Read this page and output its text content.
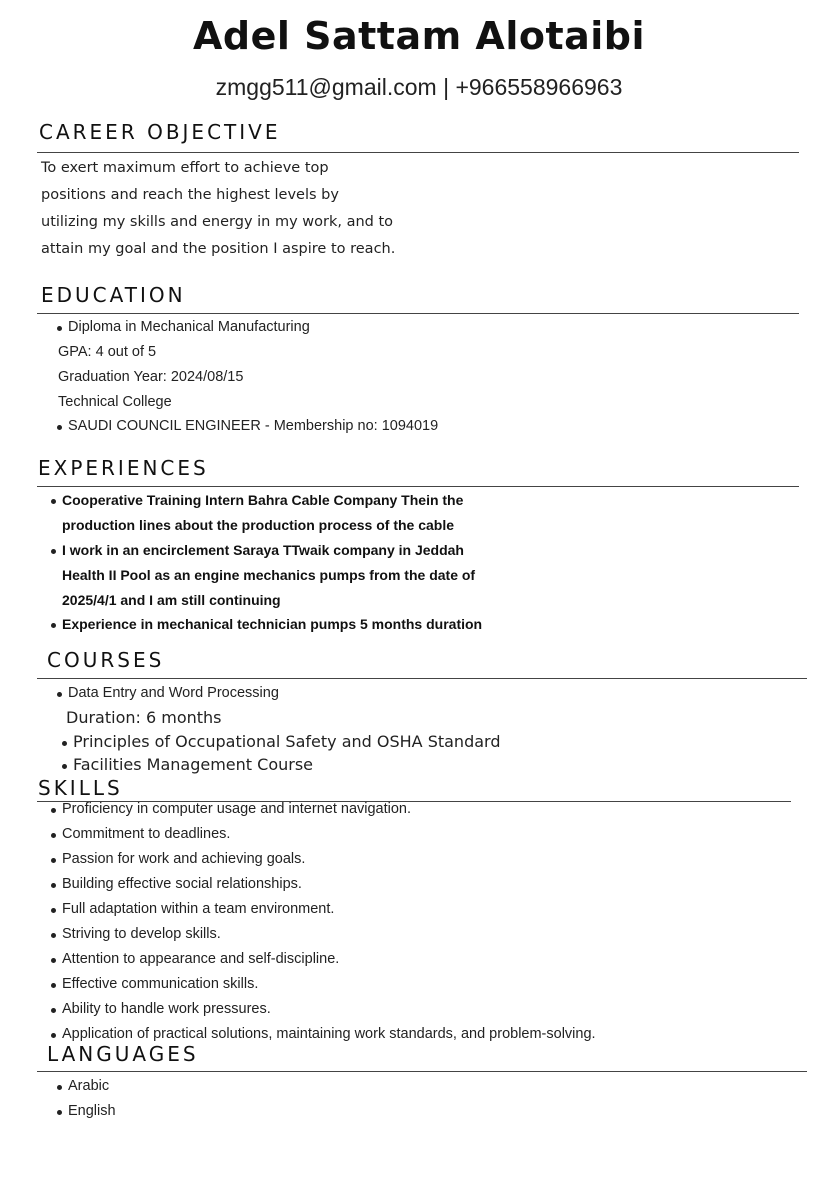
Adel Sattam Alotaibi
zmgg511@gmail.com | +966558966963
CAREER OBJECTIVE
To exert maximum effort to achieve top
positions and reach the highest levels by
utilizing my skills and energy in my work, and to
attain my goal and the position I aspire to reach.
EDUCATION
Diploma in Mechanical Manufacturing
GPA: 4 out of 5
Graduation Year: 2024/08/15
Technical College
SAUDI COUNCIL ENGINEER - Membership no: 1094019
EXPERIENCES
Cooperative Training Intern Bahra Cable Company Thein the
production lines about the production process of the cable
I work in an encirclement Saraya TTwaik company in Jeddah
Health II Pool as an engine mechanics pumps from the date of
2025/4/1 and I am still continuing
Experience in mechanical technician pumps 5 months duration
COURSES
Data Entry and Word Processing
Duration: 6 months
Principles of Occupational Safety and OSHA Standard
Facilities Management Course
SKILLS
Proficiency in computer usage and internet navigation.
Commitment to deadlines.
Passion for work and achieving goals.
Building effective social relationships.
Full adaptation within a team environment.
Striving to develop skills.
Attention to appearance and self-discipline.
Effective communication skills.
Ability to handle work pressures.
Application of practical solutions, maintaining work standards, and problem-solving.
LANGUAGES
Arabic
English
